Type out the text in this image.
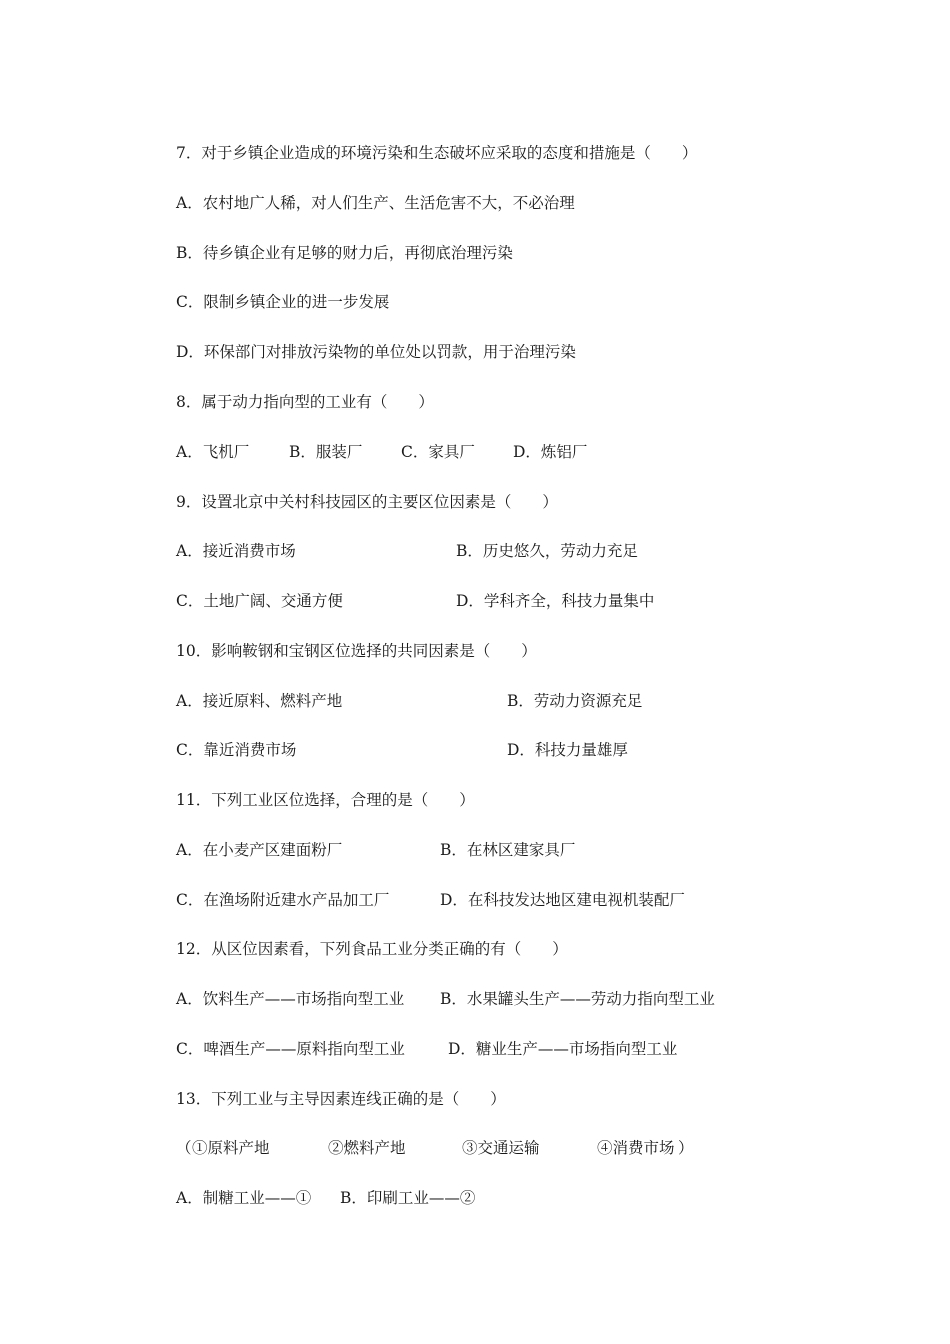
7．对于乡镇企业造成的环境污染和生态破坏应采取的态度和措施是（　　）
A．农村地广人稀，对人们生产、生活危害不大，不必治理
B．待乡镇企业有足够的财力后，再彻底治理污染
C．限制乡镇企业的进一步发展
D．环保部门对排放污染物的单位处以罚款，用于治理污染
8．属于动力指向型的工业有（　　）
A．飞机厂	B．服装厂 C．家具厂 D．炼铝厂
9．设置北京中关村科技园区的主要区位因素是（　　）
A．接近消费市场	B．历史悠久，劳动力充足
C．土地广阔、交通方便	D．学科齐全，科技力量集中
10．影响鞍钢和宝钢区位选择的共同因素是（　　）
A．接近原料、燃料产地	B．劳动力资源充足
C．靠近消费市场	D．科技力量雄厚
11．下列工业区位选择，合理的是（　　）
A．在小麦产区建面粉厂	B．在林区建家具厂
C．在渔场附近建水产品加工厂	D．在科技发达地区建电视机装配厂
12．从区位因素看，下列食品工业分类正确的有（　　）
A．饮料生产——市场指向型工业 B．水果罐头生产——劳动力指向型工业
C．啤酒生产——原料指向型工业	D．糖业生产——市场指向型工业
13．下列工业与主导因素连线正确的是（　　）
（ ①原料产地	②燃料产地	③交通运输	④消费市场 ）
A．制糖工业——① B．印刷工业——②
